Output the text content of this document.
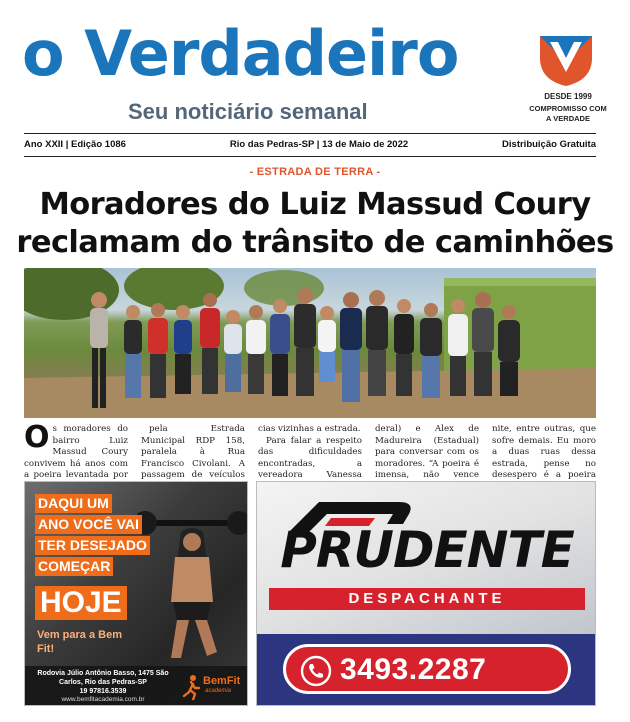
o Verdadeiro
Seu noticiário semanal
DESDE 1999
COMPROMISSO COM A VERDADE
Ano XXII | Edição 1086	Rio das Pedras-SP | 13 de Maio de 2022	Distribuição Gratuita
- ESTRADA DE TERRA -
Moradores do Luiz Massud Coury
reclamam do trânsito de caminhões
O s moradores do bairro Luiz Massud Coury convivem há anos com a poeira levantada por

pela Estrada Municipal RDP 158, paralela à Rua Francisco Civolani. A passagem de veículos

cias vizinhas a estrada.

Para falar a respeito das dificuldades encontradas, a vereadora Vanessa

deral) e Alex de Madureira (Estadual) para conversar com os moradores. “A poeira é imensa, não vence

nite, entre outras, que sofre demais. Eu moro a duas ruas dessa estrada, pense no desespero é a poeira

DAQUI UM
ANO VOCÊ VAI
TER DESEJADO
COMEÇAR
HOJE
Vem para a Bem Fit!
Rodovia Júlio Antônio Basso, 1475 São Carlos, Rio das Pedras-SP
19 97816.3539
www.bemfitacademia.com.br
BemFit
academia
PRUDENTE
DESPACHANTE
3493.2287
